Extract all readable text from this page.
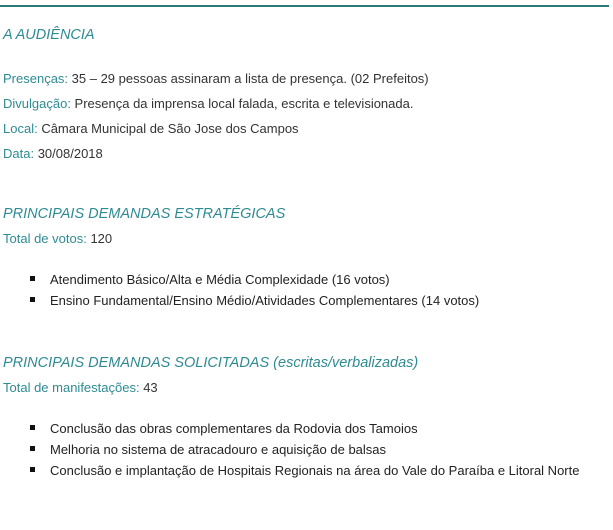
A AUDIÊNCIA
Presenças: 35 – 29 pessoas assinaram a lista de presença. (02 Prefeitos)
Divulgação: Presença da imprensa local falada, escrita e televisionada.
Local: Câmara Municipal de São Jose dos Campos
Data: 30/08/2018
PRINCIPAIS DEMANDAS ESTRATÉGICAS
Total de votos: 120
Atendimento Básico/Alta e Média Complexidade (16 votos)
Ensino Fundamental/Ensino Médio/Atividades Complementares (14 votos)
PRINCIPAIS DEMANDAS SOLICITADAS (escritas/verbalizadas)
Total de manifestações: 43
Conclusão das obras complementares da Rodovia dos Tamoios
Melhoria no sistema de atracadouro e aquisição de balsas
Conclusão e implantação de Hospitais Regionais na área do Vale do Paraíba e Litoral Norte
